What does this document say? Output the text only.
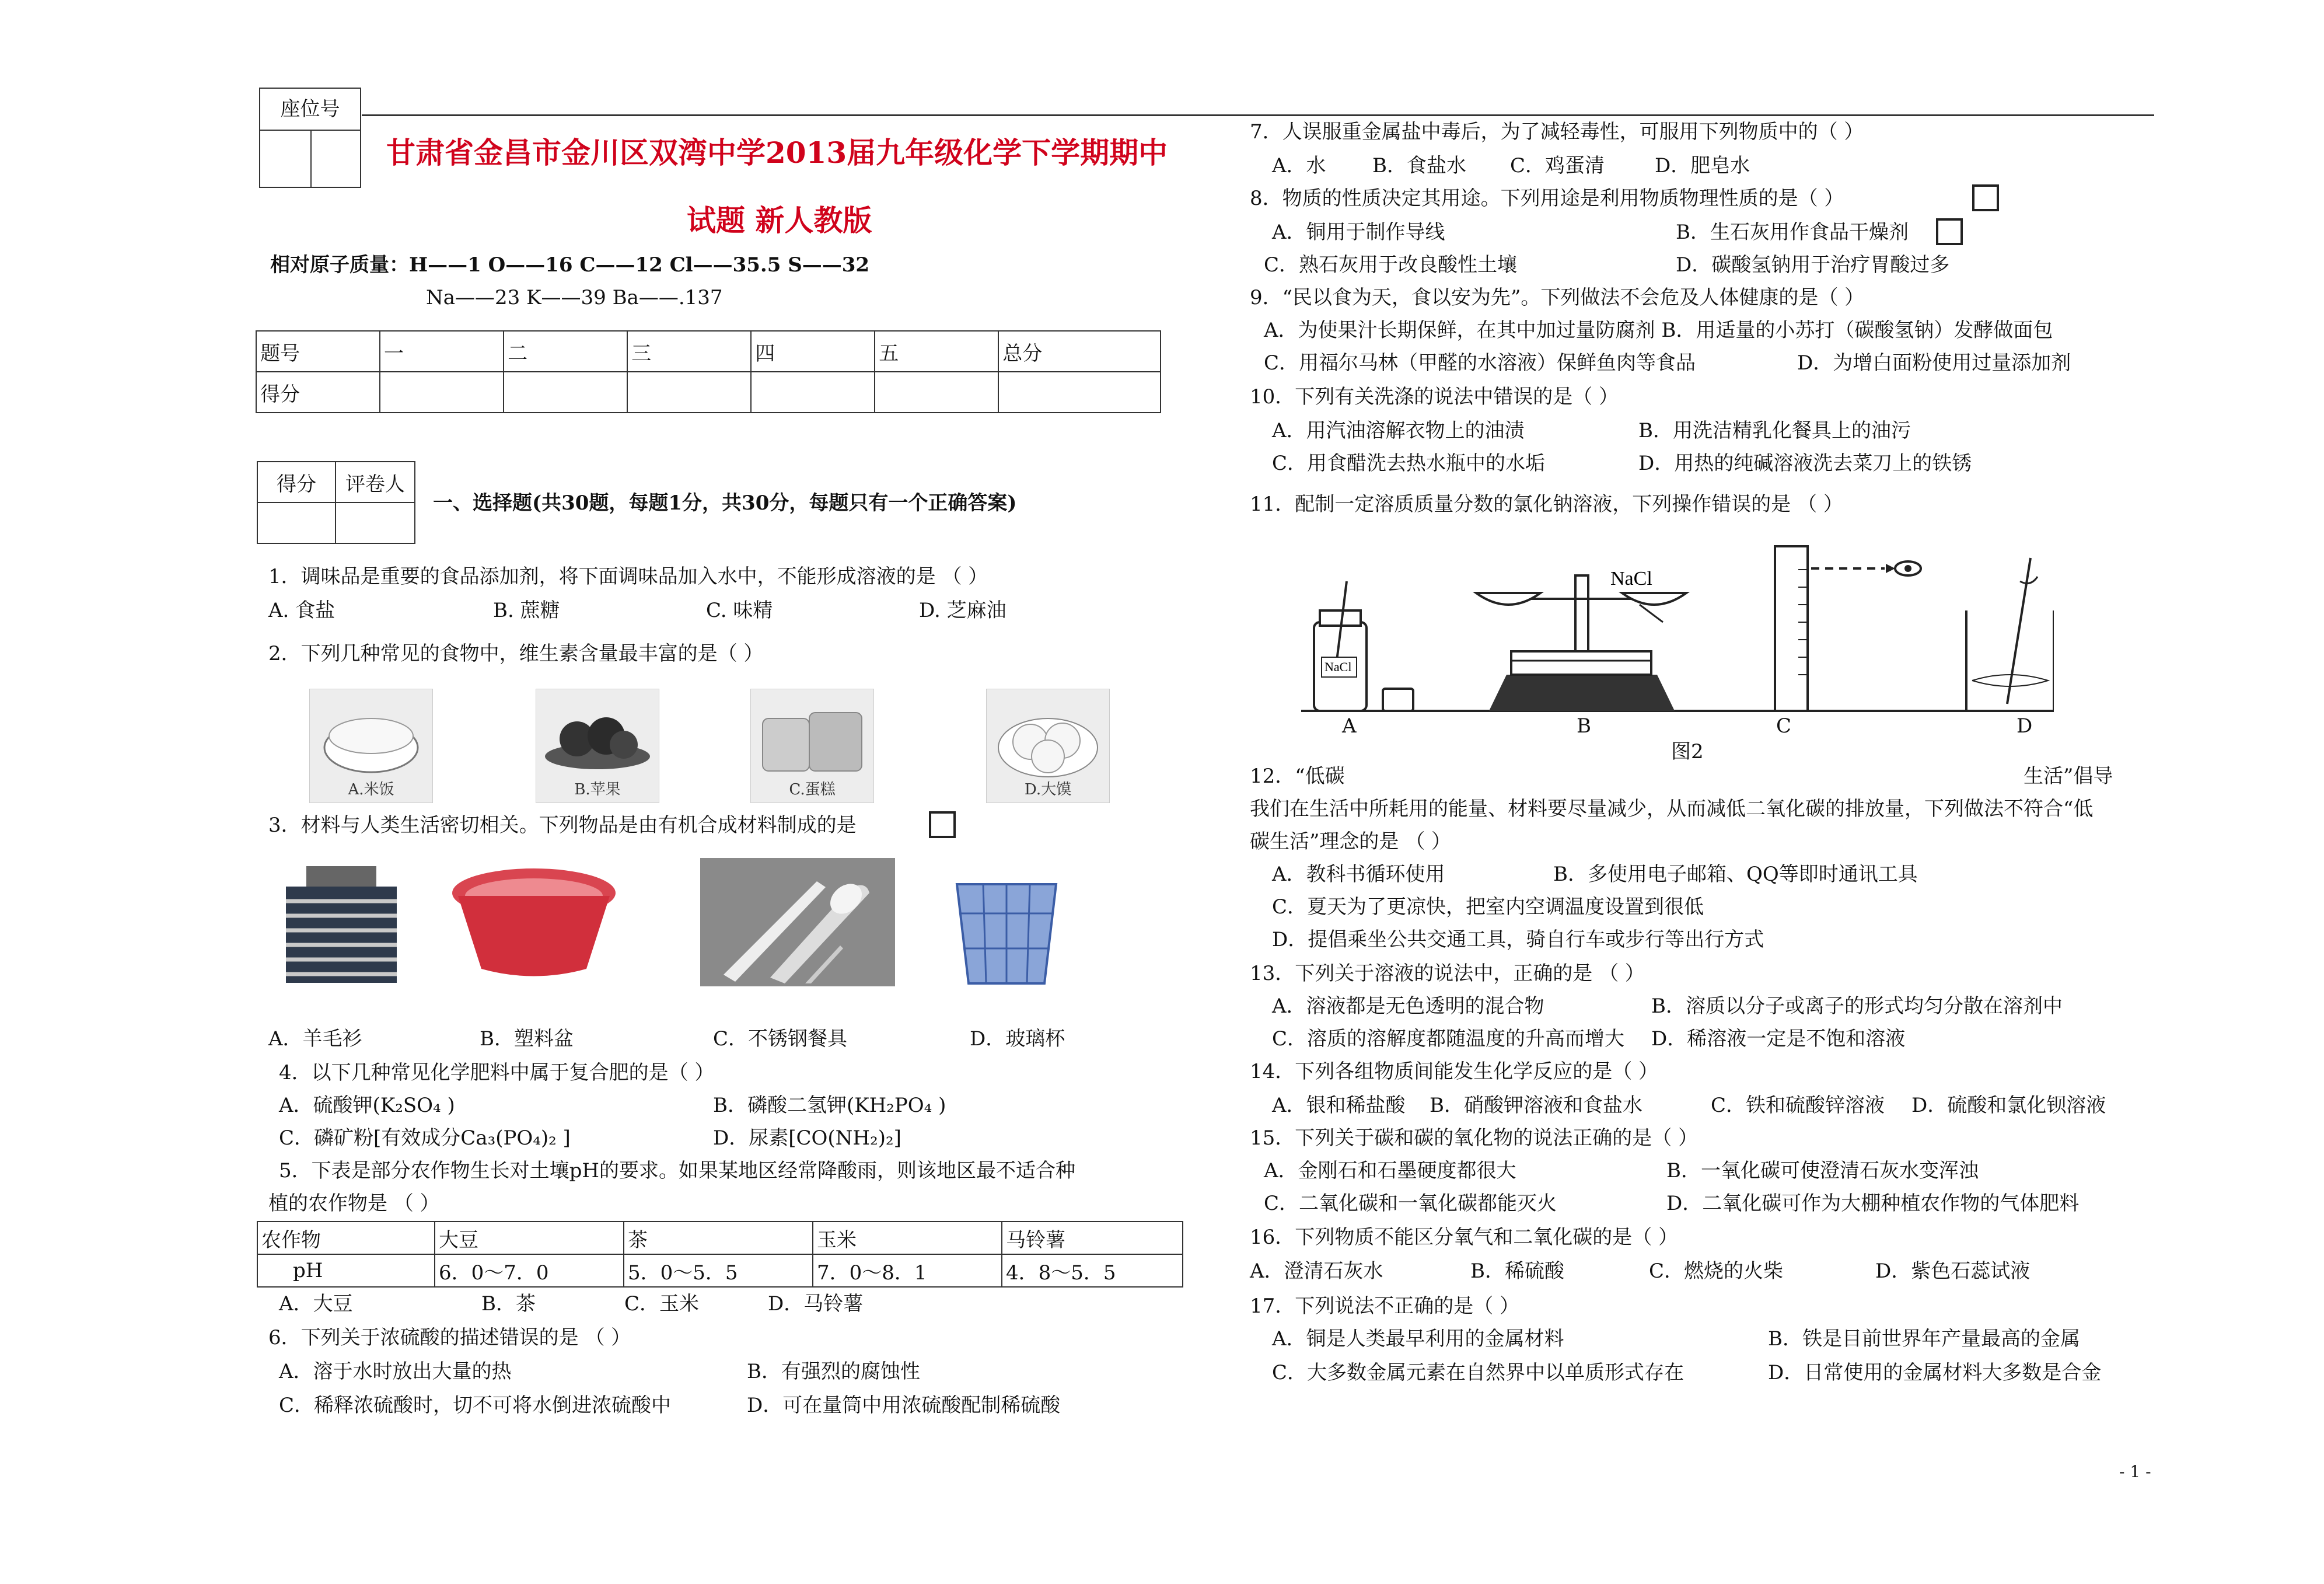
座位号
甘肃省金昌市金川区双湾中学2013届九年级化学下学期期中
试题 新人教版
相对原子质量：H——1 O——16 C——12 Cl——35.5 S——32
Na——23 K——39 Ba——.137
题号	一	二	三	四	五	总分
得分						
得分	评卷人

一、选择题(共30题，每题1分，共30分，每题只有一个正确答案)
1．调味品是重要的食品添加剂，将下面调味品加入水中，不能形成溶液的是 （ ）
A. 食盐	B. 蔗糖	C. 味精	D. 芝麻油
2．下列几种常见的食物中，维生素含量最丰富的是（ ）
A.米饭	B.苹果	C.蛋糕	D.大馍
3．材料与人类生活密切相关。下列物品是由有机合成材料制成的是
A．羊毛衫	B．塑料盆	C．不锈钢餐具	D．玻璃杯
4．以下几种常见化学肥料中属于复合肥的是（ ）
A．硫酸钾(K₂SO₄ )	B．磷酸二氢钾(KH₂PO₄ )
C．磷矿粉[有效成分Ca₃(PO₄)₂ ]	D．尿素[CO(NH₂)₂]
5．下表是部分农作物生长对土壤pH的要求。如果某地区经常降酸雨，则该地区最不适合种
植的农作物是 （ ）
农作物	大豆	茶	玉米	马铃薯
pH	6．0～7．0	5．0～5．5	7．0～8．1	4．8～5．5
A．大豆	B．茶	C．玉米	D．马铃薯
6．下列关于浓硫酸的描述错误的是 （ ）
A．溶于水时放出大量的热	B．有强烈的腐蚀性
C．稀释浓硫酸时，切不可将水倒进浓硫酸中	D．可在量筒中用浓硫酸配制稀硫酸
7．人误服重金属盐中毒后，为了减轻毒性，可服用下列物质中的（ ）
A．水 B．食盐水 C．鸡蛋清	D．肥皂水
8．物质的性质决定其用途。下列用途是利用物质物理性质的是（ ）
A．铜用于制作导线	B．生石灰用作食品干燥剂
C．熟石灰用于改良酸性土壤	D．碳酸氢钠用于治疗胃酸过多
9．“民以食为天，食以安为先”。下列做法不会危及人体健康的是（ ）
A．为使果汁长期保鲜，在其中加过量防腐剂 B．用适量的小苏打（碳酸氢钠）发酵做面包
C．用福尔马林（甲醛的水溶液）保鲜鱼肉等食品	D．为增白面粉使用过量添加剂
10．下列有关洗涤的说法中错误的是（ ）
A．用汽油溶解衣物上的油渍	B．用洗洁精乳化餐具上的油污
C．用食醋洗去热水瓶中的水垢	D．用热的纯碱溶液洗去菜刀上的铁锈
11．配制一定溶质质量分数的氯化钠溶液，下列操作错误的是 （ ）
NaCl
NaCl
A	B	C	D
图2
12．“低碳	生活”倡导
我们在生活中所耗用的能量、材料要尽量减少，从而减低二氧化碳的排放量，下列做法不符合“低
碳生活”理念的是 （ ）
A．教科书循环使用	B．多使用电子邮箱、QQ等即时通讯工具
C．夏天为了更凉快，把室内空调温度设置到很低
D．提倡乘坐公共交通工具，骑自行车或步行等出行方式
13．下列关于溶液的说法中，正确的是 （ ）
A．溶液都是无色透明的混合物	B．溶质以分子或离子的形式均匀分散在溶剂中
C．溶质的溶解度都随温度的升高而增大 D．稀溶液一定是不饱和溶液
14．下列各组物质间能发生化学反应的是（ ）
A．银和稀盐酸 B．硝酸钾溶液和食盐水	C．铁和硫酸锌溶液 D．硫酸和氯化钡溶液
15．下列关于碳和碳的氧化物的说法正确的是（ ）
A．金刚石和石墨硬度都很大	B．一氧化碳可使澄清石灰水变浑浊
C．二氧化碳和一氧化碳都能灭火	D．二氧化碳可作为大棚种植农作物的气体肥料
16．下列物质不能区分氧气和二氧化碳的是（ ）
A．澄清石灰水	B．稀硫酸	C．燃烧的火柴	D．紫色石蕊试液
17．下列说法不正确的是（ ）
A．铜是人类最早利用的金属材料	B．铁是目前世界年产量最高的金属
C．大多数金属元素在自然界中以单质形式存在	D．日常使用的金属材料大多数是合金
- 1 -
